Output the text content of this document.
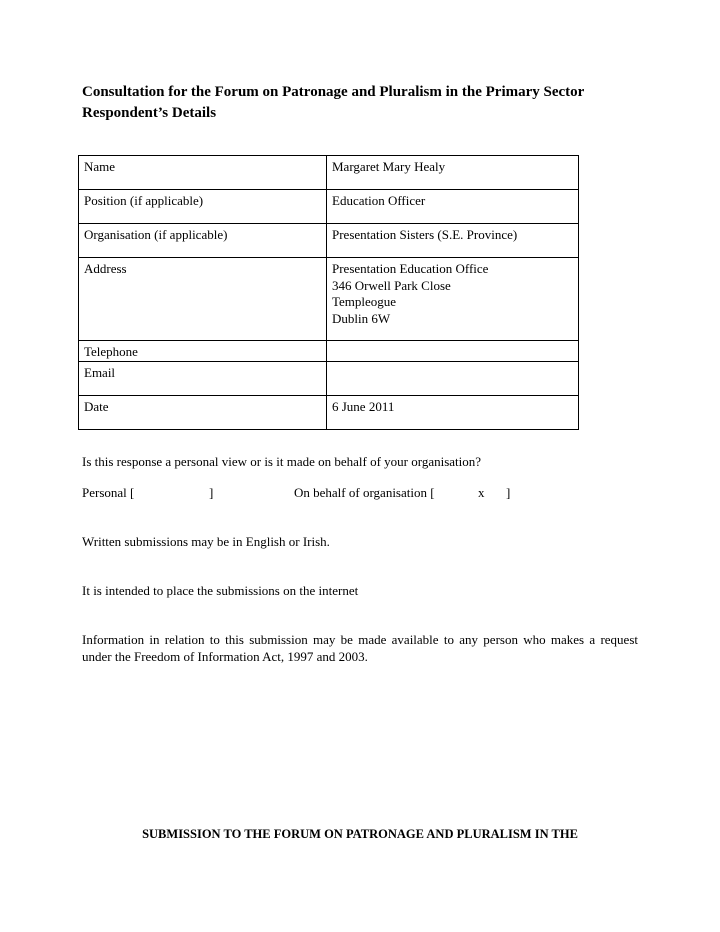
Consultation for the Forum on Patronage and Pluralism in the Primary Sector
Respondent’s Details
Name	Margaret Mary Healy
Position (if applicable)	Education Officer
Organisation (if applicable)	Presentation Sisters (S.E. Province)
Address	Presentation Education Office
346 Orwell Park Close
Templeogue
Dublin 6W

Telephone	
Email	
Date	6 June 2011

Is this response a personal view or is it made on behalf of your organisation?

Personal [	]	On behalf of organisation [	x ]

Written submissions may be in English or Irish.

It is intended to place the submissions on the internet

Information in relation to this submission may be made available to any person who makes a request under the Freedom of Information Act, 1997 and 2003.

SUBMISSION TO THE FORUM ON PATRONAGE AND PLURALISM IN THE
